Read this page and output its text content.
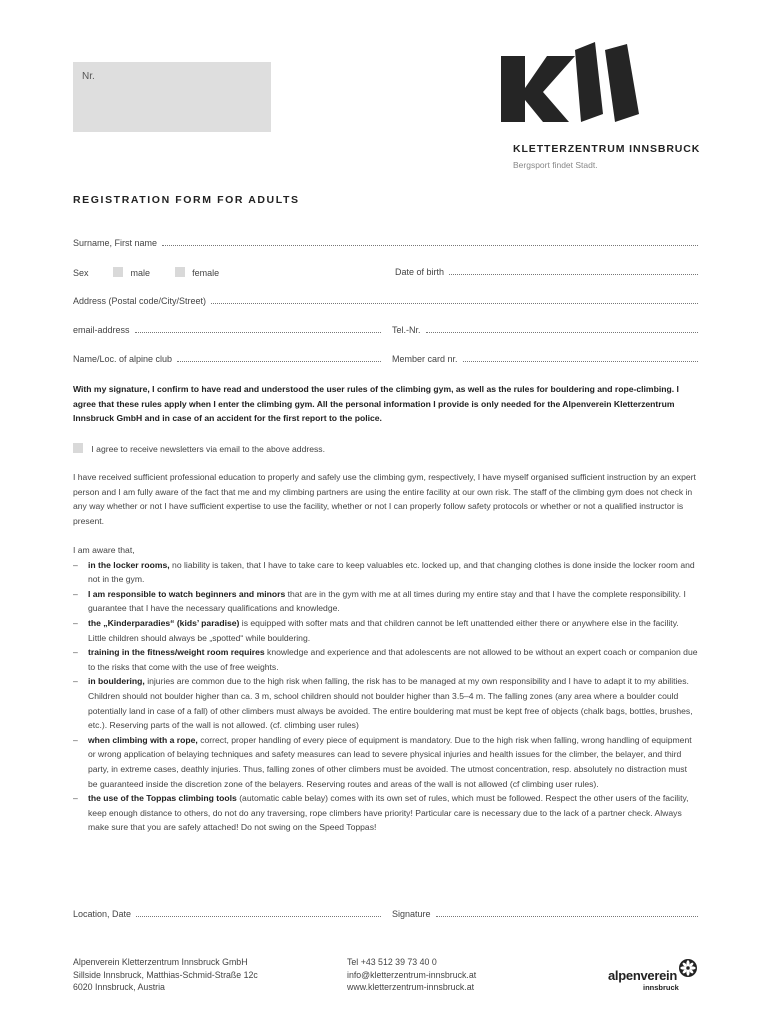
Nr.
KLETTERZENTRUM INNSBRUCK
Bergsport findet Stadt.
REGISTRATION FORM FOR ADULTS
Surname, First name
Sex	male	female	Date of birth
Address (Postal code/City/Street)
email-address	Tel.-Nr.
Name/Loc. of alpine club	Member card nr.
With my signature, I confirm to have read and understood the user rules of the climbing gym, as well as the rules for bouldering and rope-climbing. I agree that these rules apply when I enter the climbing gym. All the personal information I provide is only needed for the Alpenverein Kletterzentrum Innsbruck GmbH and in case of an accident for the first report to the police.
I agree to receive newsletters via email to the above address.
I have received sufficient professional education to properly and safely use the climbing gym, respectively, I have myself organised sufficient instruction by an expert person and I am fully aware of the fact that me and my climbing partners are using the entire facility at our own risk. The staff of the climbing gym does not check in any way whether or not I have sufficient expertise to use the facility, whether or not I can properly follow safety protocols or whether or not a qualified instructor is present.
I am aware that,
– in the locker rooms, no liability is taken, that I have to take care to keep valuables etc. locked up, and that changing clothes is done inside the locker room and not in the gym.
– I am responsible to watch beginners and minors that are in the gym with me at all times during my entire stay and that I have the complete responsibility. I guarantee that I have the necessary qualifications and knowledge.
– the „Kinderparadies“ (kids’ paradise) is equipped with softer mats and that children cannot be left unattended either there or anywhere else in the facility. Little children should always be „spotted“ while bouldering.
– training in the fitness/weight room requires knowledge and experience and that adolescents are not allowed to be without an expert coach or companion due to the risks that come with the use of free weights.
– in bouldering, injuries are common due to the high risk when falling, the risk has to be managed at my own responsibility and I have to adapt it to my abilities. Children should not boulder higher than ca. 3 m, school children should not boulder higher than 3.5–4 m. The falling zones (any area where a boulder could potentially land in case of a fall) of other climbers must always be avoided. The entire bouldering mat must be kept free of objects (chalk bags, bottles, brushes, etc.). Reserving parts of the wall is not allowed. (cf. climbing user rules)
– when climbing with a rope, correct, proper handling of every piece of equipment is mandatory. Due to the high risk when falling, wrong handling of equipment or wrong application of belaying techniques and safety measures can lead to severe physical injuries and health issues for the climber, the belayer, and third party, in extreme cases, deathly injuries. Thus, falling zones of other climbers must be avoided. The utmost concentration, resp. absolutely no distraction must be guaranteed inside the discretion zone of the belayers. Reserving routes and areas of the wall is not allowed (cf climbing user rules).
– the use of the Toppas climbing tools (automatic cable belay) comes with its own set of rules, which must be followed. Respect the other users of the facility, keep enough distance to others, do not do any traversing, rope climbers have priority! Particular care is necessary due to the lack of a partner check. Always make sure that you are safely attached! Do not swing on the Speed Toppas!
Location, Date	Signature
Alpenverein Kletterzentrum Innsbruck GmbH
Sillside Innsbruck, Matthias-Schmid-Straße 12c
6020 Innsbruck, Austria
Tel +43 512 39 73 40 0
info@kletterzentrum-innsbruck.at
www.kletterzentrum-innsbruck.at
alpenverein
innsbruck
